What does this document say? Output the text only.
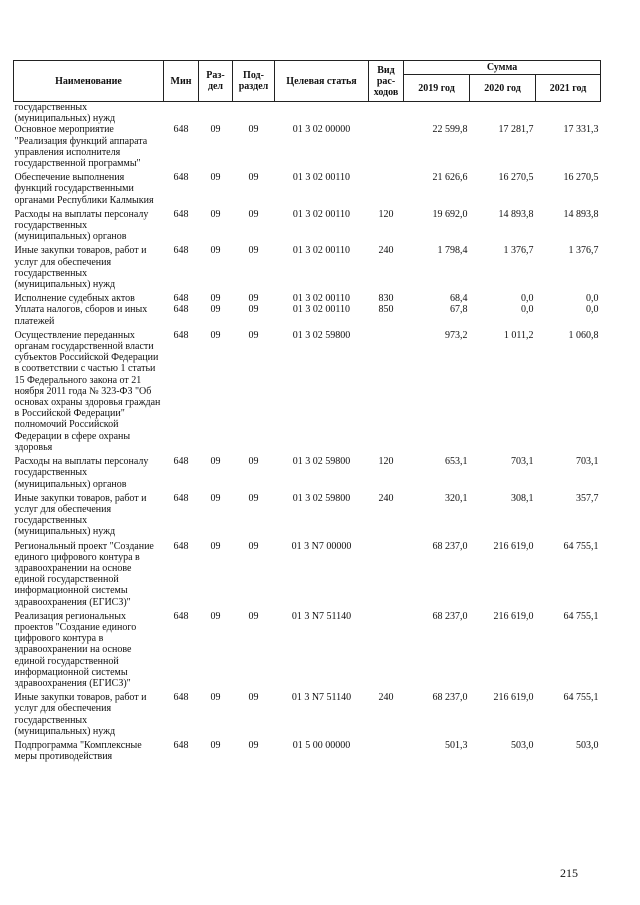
Наименование	Мин	Раз-дел	Под-раздел	Целевая статья	Вид рас-ходов	Сумма		
						2019 год	2020 год	2021 год
государственных (муниципальных) нужд								
Основное мероприятие "Реализация функций аппарата управления исполнителя государственной программы"	648	09	09	01 3 02 00000		22 599,8	17 281,7	17 331,3
Обеспечение выполнения функций государственными органами Республики Калмыкия	648	09	09	01 3 02 00110		21 626,6	16 270,5	16 270,5
Расходы на выплаты персоналу государственных (муниципальных) органов	648	09	09	01 3 02 00110	120	19 692,0	14 893,8	14 893,8
Иные закупки товаров, работ и услуг для обеспечения государственных (муниципальных) нужд	648	09	09	01 3 02 00110	240	1 798,4	1 376,7	1 376,7
Исполнение судебных актов	648	09	09	01 3 02 00110	830	68,4	0,0	0,0
Уплата налогов, сборов и иных платежей	648	09	09	01 3 02 00110	850	67,8	0,0	0,0
Осуществление переданных органам государственной власти субъектов Российской Федерации в соответствии с частью 1 статьи 15 Федерального закона от 21 ноября 2011 года № 323-ФЗ "Об основах охраны здоровья граждан в Российской Федерации" полномочий Российской Федерации в сфере охраны здоровья	648	09	09	01 3 02 59800		973,2	1 011,2	1 060,8
Расходы на выплаты персоналу государственных (муниципальных) органов	648	09	09	01 3 02 59800	120	653,1	703,1	703,1
Иные закупки товаров, работ и услуг для обеспечения государственных (муниципальных) нужд	648	09	09	01 3 02 59800	240	320,1	308,1	357,7
Региональный проект "Создание единого цифрового контура в здравоохранении на основе единой государственной информационной системы здравоохранения (ЕГИСЗ)"	648	09	09	01 3 N7 00000		68 237,0	216 619,0	64 755,1
Реализация региональных проектов "Создание единого цифрового контура в здравоохранении на основе единой государственной информационной системы здравоохранения (ЕГИСЗ)"	648	09	09	01 3 N7 51140		68 237,0	216 619,0	64 755,1
Иные закупки товаров, работ и услуг для обеспечения государственных (муниципальных) нужд	648	09	09	01 3 N7 51140	240	68 237,0	216 619,0	64 755,1
Подпрограмма "Комплексные меры противодействия	648	09	09	01 5 00 00000		501,3	503,0	503,0
215
